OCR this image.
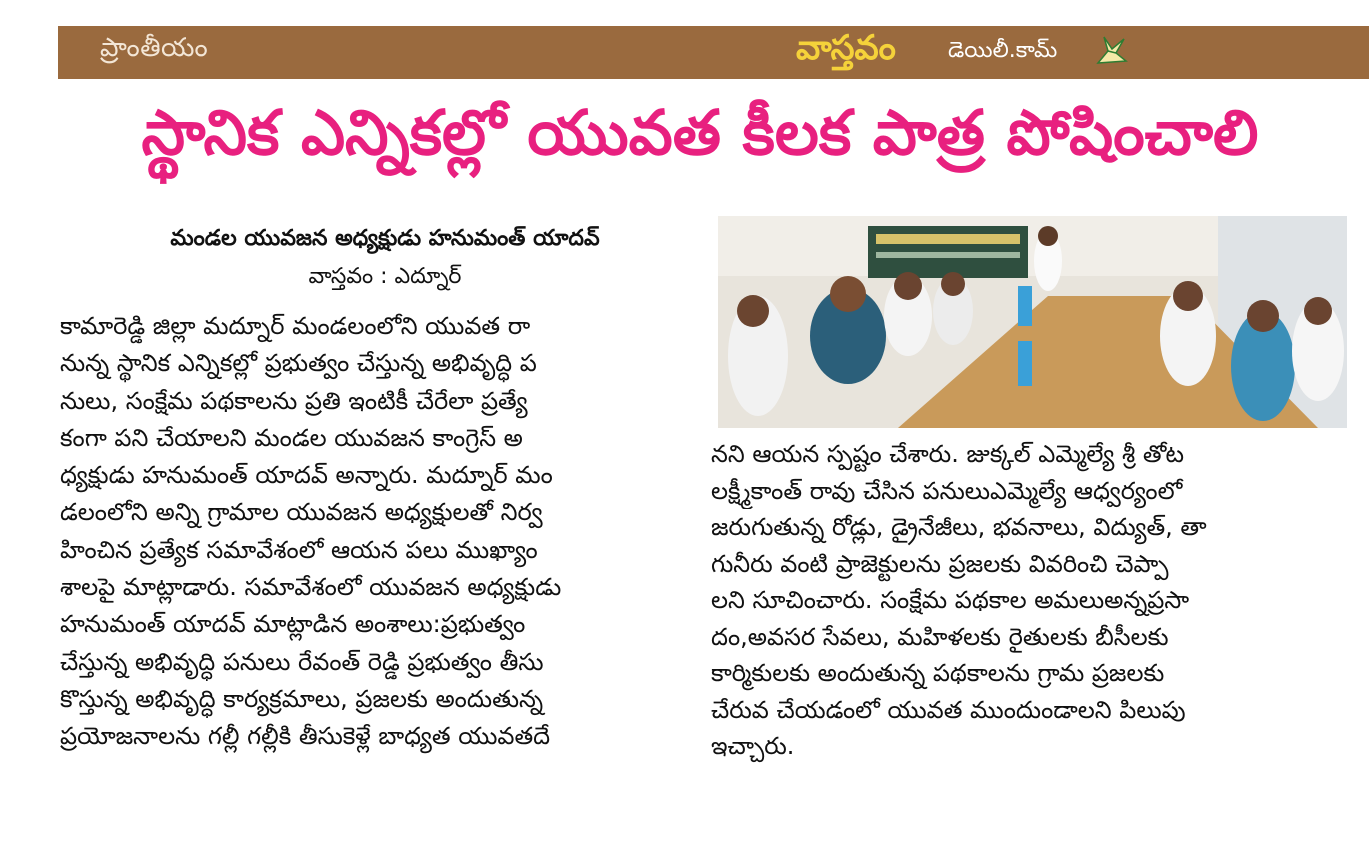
ప్రాంతీయం	వాస్తవం డెయిలీ.కామ్
స్థానిక ఎన్నికల్లో యువత కీలక పాత్ర పోషించాలి
మండల యువజన అధ్యక్షుడు హనుమంత్ యాదవ్
వాస్తవం : ఎద్నూర్
కామారెడ్డి జిల్లా మద్నూర్ మండలంలోని యువత రా
నున్న స్థానిక ఎన్నికల్లో ప్రభుత్వం చేస్తున్న అభివృద్ధి ప
నులు, సంక్షేమ పథకాలను ప్రతి ఇంటికీ చేరేలా ప్రత్యే
కంగా పని చేయాలని మండల యువజన కాంగ్రెస్ అ
ధ్యక్షుడు హనుమంత్ యాదవ్ అన్నారు. మద్నూర్ మం
డలంలోని అన్ని గ్రామాల యువజన అధ్యక్షులతో నిర్వ
హించిన ప్రత్యేక సమావేశంలో ఆయన పలు ముఖ్యాం
శాలపై మాట్లాడారు. సమావేశంలో యువజన అధ్యక్షుడు
హనుమంత్ యాదవ్ మాట్లాడిన అంశాలు:ప్రభుత్వం
చేస్తున్న అభివృద్ధి పనులు రేవంత్ రెడ్డి ప్రభుత్వం తీసు
కొస్తున్న అభివృద్ధి కార్యక్రమాలు, ప్రజలకు అందుతున్న
ప్రయోజనాలను గల్లీ గల్లీకి తీసుకెళ్లే బాధ్యత యువతదే
నని ఆయన స్పష్టం చేశారు. జుక్కల్ ఎమ్మెల్యే శ్రీ తోట
లక్ష్మీకాంత్ రావు చేసిన పనులుఎమ్మెల్యే ఆధ్వర్యంలో
జరుగుతున్న రోడ్లు, డ్రైనేజీలు, భవనాలు, విద్యుత్, తా
గునీరు వంటి ప్రాజెక్టులను ప్రజలకు వివరించి చెప్పా
లని సూచించారు. సంక్షేమ పథకాల అమలుఅన్నప్రసా
దం,అవసర సేవలు, మహిళలకు రైతులకు బీసీలకు
కార్మికులకు అందుతున్న పథకాలను గ్రామ ప్రజలకు
చేరువ చేయడంలో యువత ముందుండాలని పిలుపు
ఇచ్చారు.
